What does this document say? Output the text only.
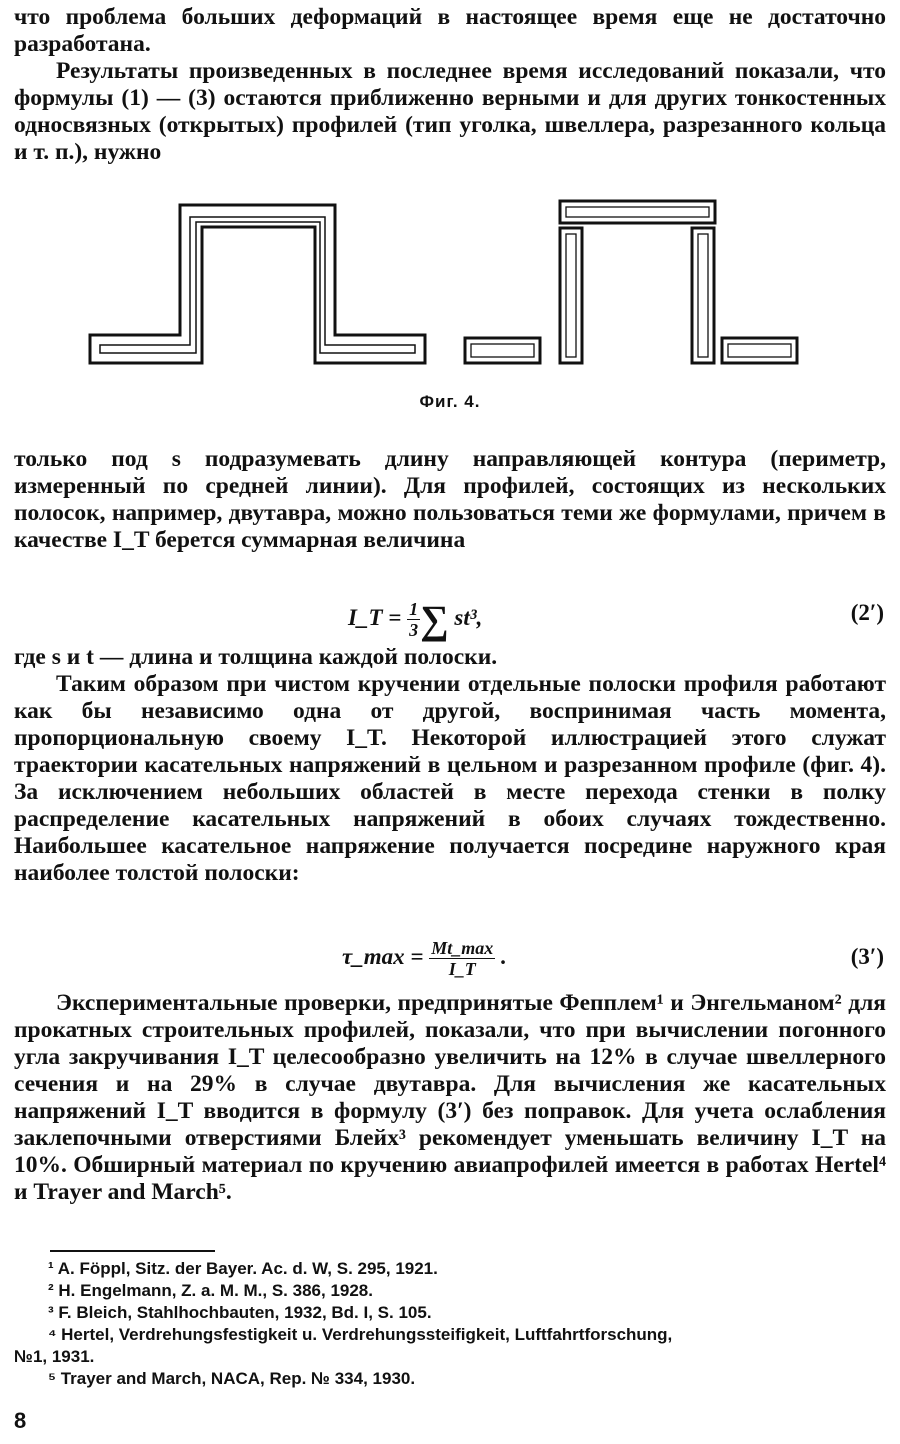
что проблема больших деформаций в настоящее время еще не достаточно разработана.

Результаты произведенных в последнее время исследований показали, что формулы (1) — (3) остаются приближенно верными и для других тонкостенных односвязных (открытых) профилей (тип уголка, швеллера, разрезанного кольца и т. п.), нужно

Фиг. 4.

только под s подразумевать длину направляющей контура (периметр, измеренный по средней линии). Для профилей, состоящих из нескольких полосок, например, двутавра, можно пользоваться теми же формулами, причем в качестве I_T берется суммарная величина

I_T = $\frac{1}{3}$ ∑ st³,	(2′)

где s и t — длина и толщина каждой полоски.

Таким образом при чистом кручении отдельные полоски профиля работают как бы независимо одна от другой, воспринимая часть момента, пропорциональную своему I_T. Некоторой иллюстрацией этого служат траектории касательных напряжений в цельном и разрезанном профиле (фиг. 4). За исключением небольших областей в месте перехода стенки в полку распределение касательных напряжений в обоих случаях тождественно. Наибольшее касательное напряжение получается посредине наружного края наиболее толстой полоски:

τ_max = $\frac{Mt\_\max}{I\_T}$ .	(3′)

Экспериментальные проверки, предпринятые Фепплем¹ и Энгельманом² для прокатных строительных профилей, показали, что при вычислении погонного угла закручивания I_T целесообразно увеличить на 12% в случае швеллерного сечения и на 29% в случае двутавра. Для вычисления же касательных напряжений I_T вводится в формулу (3′) без поправок. Для учета ослабления заклепочными отверстиями Блейх³ рекомендует уменьшать величину I_T на 10%. Обширный материал по кручению авиапрофилей имеется в работах Hertel⁴ и Trayer and March⁵.

¹ A. Föppl, Sitz. der Bayer. Ac. d. W, S. 295, 1921.
² H. Engelmann, Z. a. M. M., S. 386, 1928.
³ F. Bleich, Stahlhochbauten, 1932, Bd. I, S. 105.
⁴ Hertel, Verdrehungsfestigkeit u. Verdrehungssteifigkeit, Luftfahrtforschung,
№1, 1931.
⁵ Trayer and March, NACA, Rep. № 334, 1930.
8
